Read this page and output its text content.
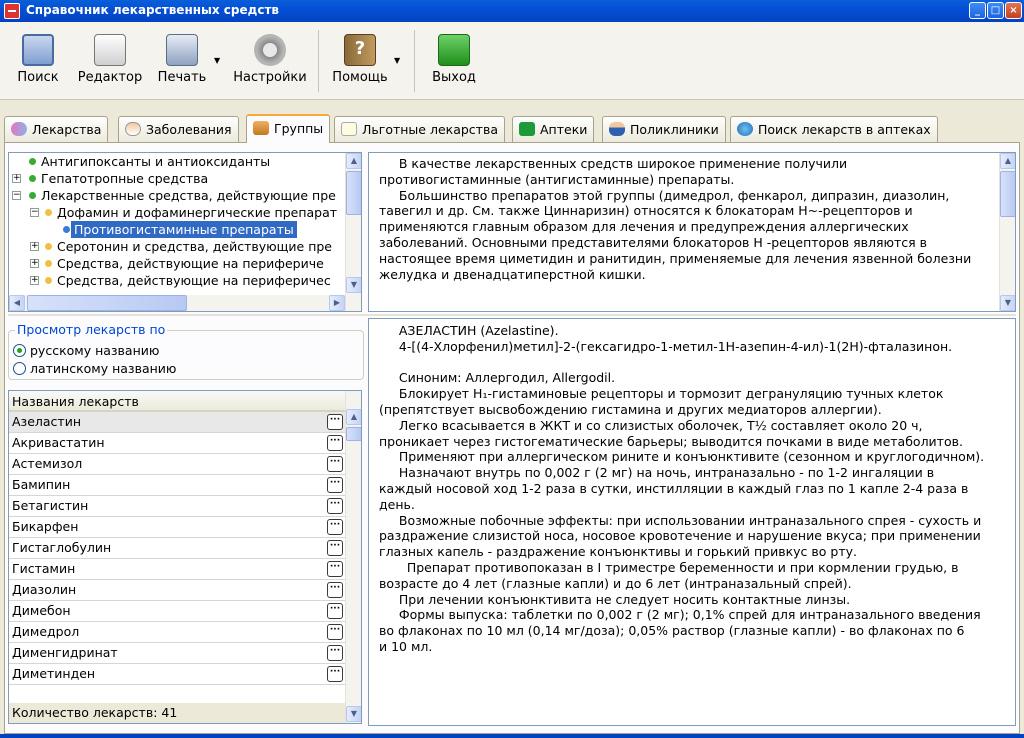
Справочник лекарственных средств	_	□ ×
Поиск	Редактор Печать
▼
Настройки
?
Помощь
▼
Выход
Лекарства	Заболевания	Группы	Льготные лекарства	Аптеки	Поликлиники	Поиск лекарств в аптеках
Антигипоксанты и антиоксиданты
+ Гепатотропные средства
− Лекарственные средства, действующие пре
− Дофамин и дофаминергические препарат
Противогистаминные препараты
+ Серотонин и средства, действующие пре
+ Средства, действующие на перифериче
+ Средства, действующие на периферичес
◀	▶
▲
▼
Просмотр лекарств по
русскому названию
латинскому названию
Названия лекарств
Азеластин	···
Акривастатин	···
Астемизол	···
Бамипин	···
Бетагистин	···
Бикарфен	···
Гистаглобулин	···
Гистамин	···
Диазолин	···
Димебон	···
Димедрол	···
Дименгидринат	···
Диметинден	···
Количество лекарств: 41
▲
▼

В качестве лекарственных средств широкое применение получили

противогистаминные (антигистаминные) препараты.

Большинство препаратов этой группы (димедрол, фенкарол, дипразин, диазолин,

тавегил и др. См. также Циннаризин) относятся к блокаторам H~-рецепторов и

применяются главным образом для лечения и предупреждения аллергических

заболеваний. Основными представителями блокаторов Н -рецепторов являются в

настоящее время циметидин и ранитидин, применяемые для лечения язвенной болезни

желудка и двенадцатиперстной кишки.

▲
▼

АЗЕЛАСТИН (Azelastine).

4-[(4-Хлорфенил)метил]-2-(гексагидро-1-метил-1Н-азепин-4-ил)-1(2Н)-фталазинон.

Синоним: Аллергодил, Allergodil.

Блокирует H₁-гистаминовые рецепторы и тормозит дегрануляцию тучных клеток

(препятствует высвобождению гистамина и других медиаторов аллергии).

Легко всасывается в ЖКТ и со слизистых оболочек, T½ составляет около 20 ч,

проникает через гистогематические барьеры; выводится почками в виде метаболитов.

Применяют при аллергическом рините и конъюнктивите (сезонном и круглогодичном).

Назначают внутрь по 0,002 г (2 мг) на ночь, интраназально - по 1-2 ингаляции в

каждый носовой ход 1-2 раза в сутки, инстилляции в каждый глаз по 1 капле 2-4 раза в

день.

Возможные побочные эффекты: при использовании интраназального спрея - сухость и

раздражение слизистой носа, носовое кровотечение и нарушение вкуса; при применении

глазных капель - раздражение конъюнктивы и горький привкус во рту.

Препарат противопоказан в I триместре беременности и при кормлении грудью, в

возрасте до 4 лет (глазные капли) и до 6 лет (интраназальный спрей).

При лечении конъюнктивита не следует носить контактные линзы.

Формы выпуска: таблетки по 0,002 г (2 мг); 0,1% спрей для интраназального введения

во флаконах по 10 мл (0,14 мг/доза); 0,05% раствор (глазные капли) - во флаконах по 6

и 10 мл.
